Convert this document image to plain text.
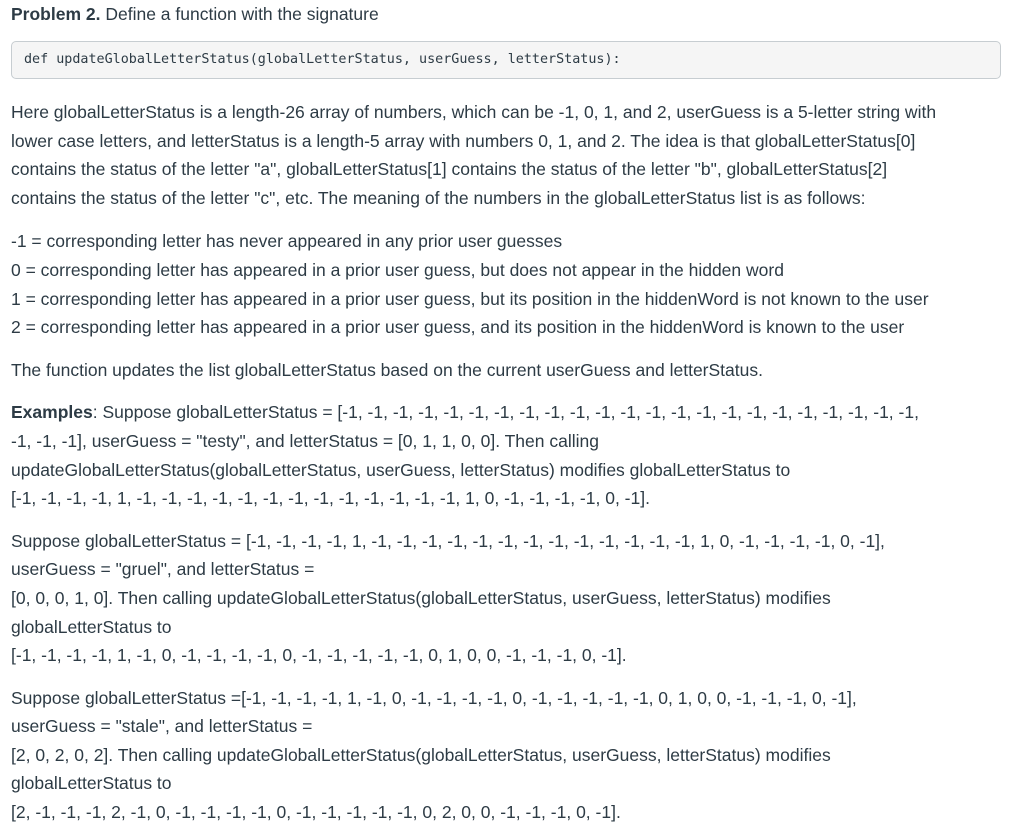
Problem 2. Define a function with the signature

def updateGlobalLetterStatus(globalLetterStatus, userGuess, letterStatus):

Here globalLetterStatus is a length-26 array of numbers, which can be -1, 0, 1, and 2, userGuess is a 5-letter string with

lower case letters, and letterStatus is a length-5 array with numbers 0, 1, and 2. The idea is that globalLetterStatus[0]

contains the status of the letter "a", globalLetterStatus[1] contains the status of the letter "b", globalLetterStatus[2]

contains the status of the letter "c", etc. The meaning of the numbers in the globalLetterStatus list is as follows:

-1 = corresponding letter has never appeared in any prior user guesses

0 = corresponding letter has appeared in a prior user guess, but does not appear in the hidden word

1 = corresponding letter has appeared in a prior user guess, but its position in the hiddenWord is not known to the user

2 = corresponding letter has appeared in a prior user guess, and its position in the hiddenWord is known to the user

The function updates the list globalLetterStatus based on the current userGuess and letterStatus.

Examples: Suppose globalLetterStatus = [-1, -1, -1, -1, -1, -1, -1, -1, -1, -1, -1, -1, -1, -1, -1, -1, -1, -1, -1, -1, -1, -1, -1,

-1, -1, -1], userGuess = "testy", and letterStatus = [0, 1, 1, 0, 0]. Then calling

updateGlobalLetterStatus(globalLetterStatus, userGuess, letterStatus) modifies globalLetterStatus to

[-1, -1, -1, -1, 1, -1, -1, -1, -1, -1, -1, -1, -1, -1, -1, -1, -1, -1, 1, 0, -1, -1, -1, -1, 0, -1].

Suppose globalLetterStatus = [-1, -1, -1, -1, 1, -1, -1, -1, -1, -1, -1, -1, -1, -1, -1, -1, -1, -1, 1, 0, -1, -1, -1, -1, 0, -1],

userGuess = "gruel", and letterStatus =

[0, 0, 0, 1, 0]. Then calling updateGlobalLetterStatus(globalLetterStatus, userGuess, letterStatus) modifies

globalLetterStatus to

[-1, -1, -1, -1, 1, -1, 0, -1, -1, -1, -1, 0, -1, -1, -1, -1, -1, 0, 1, 0, 0, -1, -1, -1, 0, -1].

Suppose globalLetterStatus =[-1, -1, -1, -1, 1, -1, 0, -1, -1, -1, -1, 0, -1, -1, -1, -1, -1, 0, 1, 0, 0, -1, -1, -1, 0, -1],

userGuess = "stale", and letterStatus =

[2, 0, 2, 0, 2]. Then calling updateGlobalLetterStatus(globalLetterStatus, userGuess, letterStatus) modifies

globalLetterStatus to

[2, -1, -1, -1, 2, -1, 0, -1, -1, -1, -1, 0, -1, -1, -1, -1, -1, 0, 2, 0, 0, -1, -1, -1, 0, -1].
